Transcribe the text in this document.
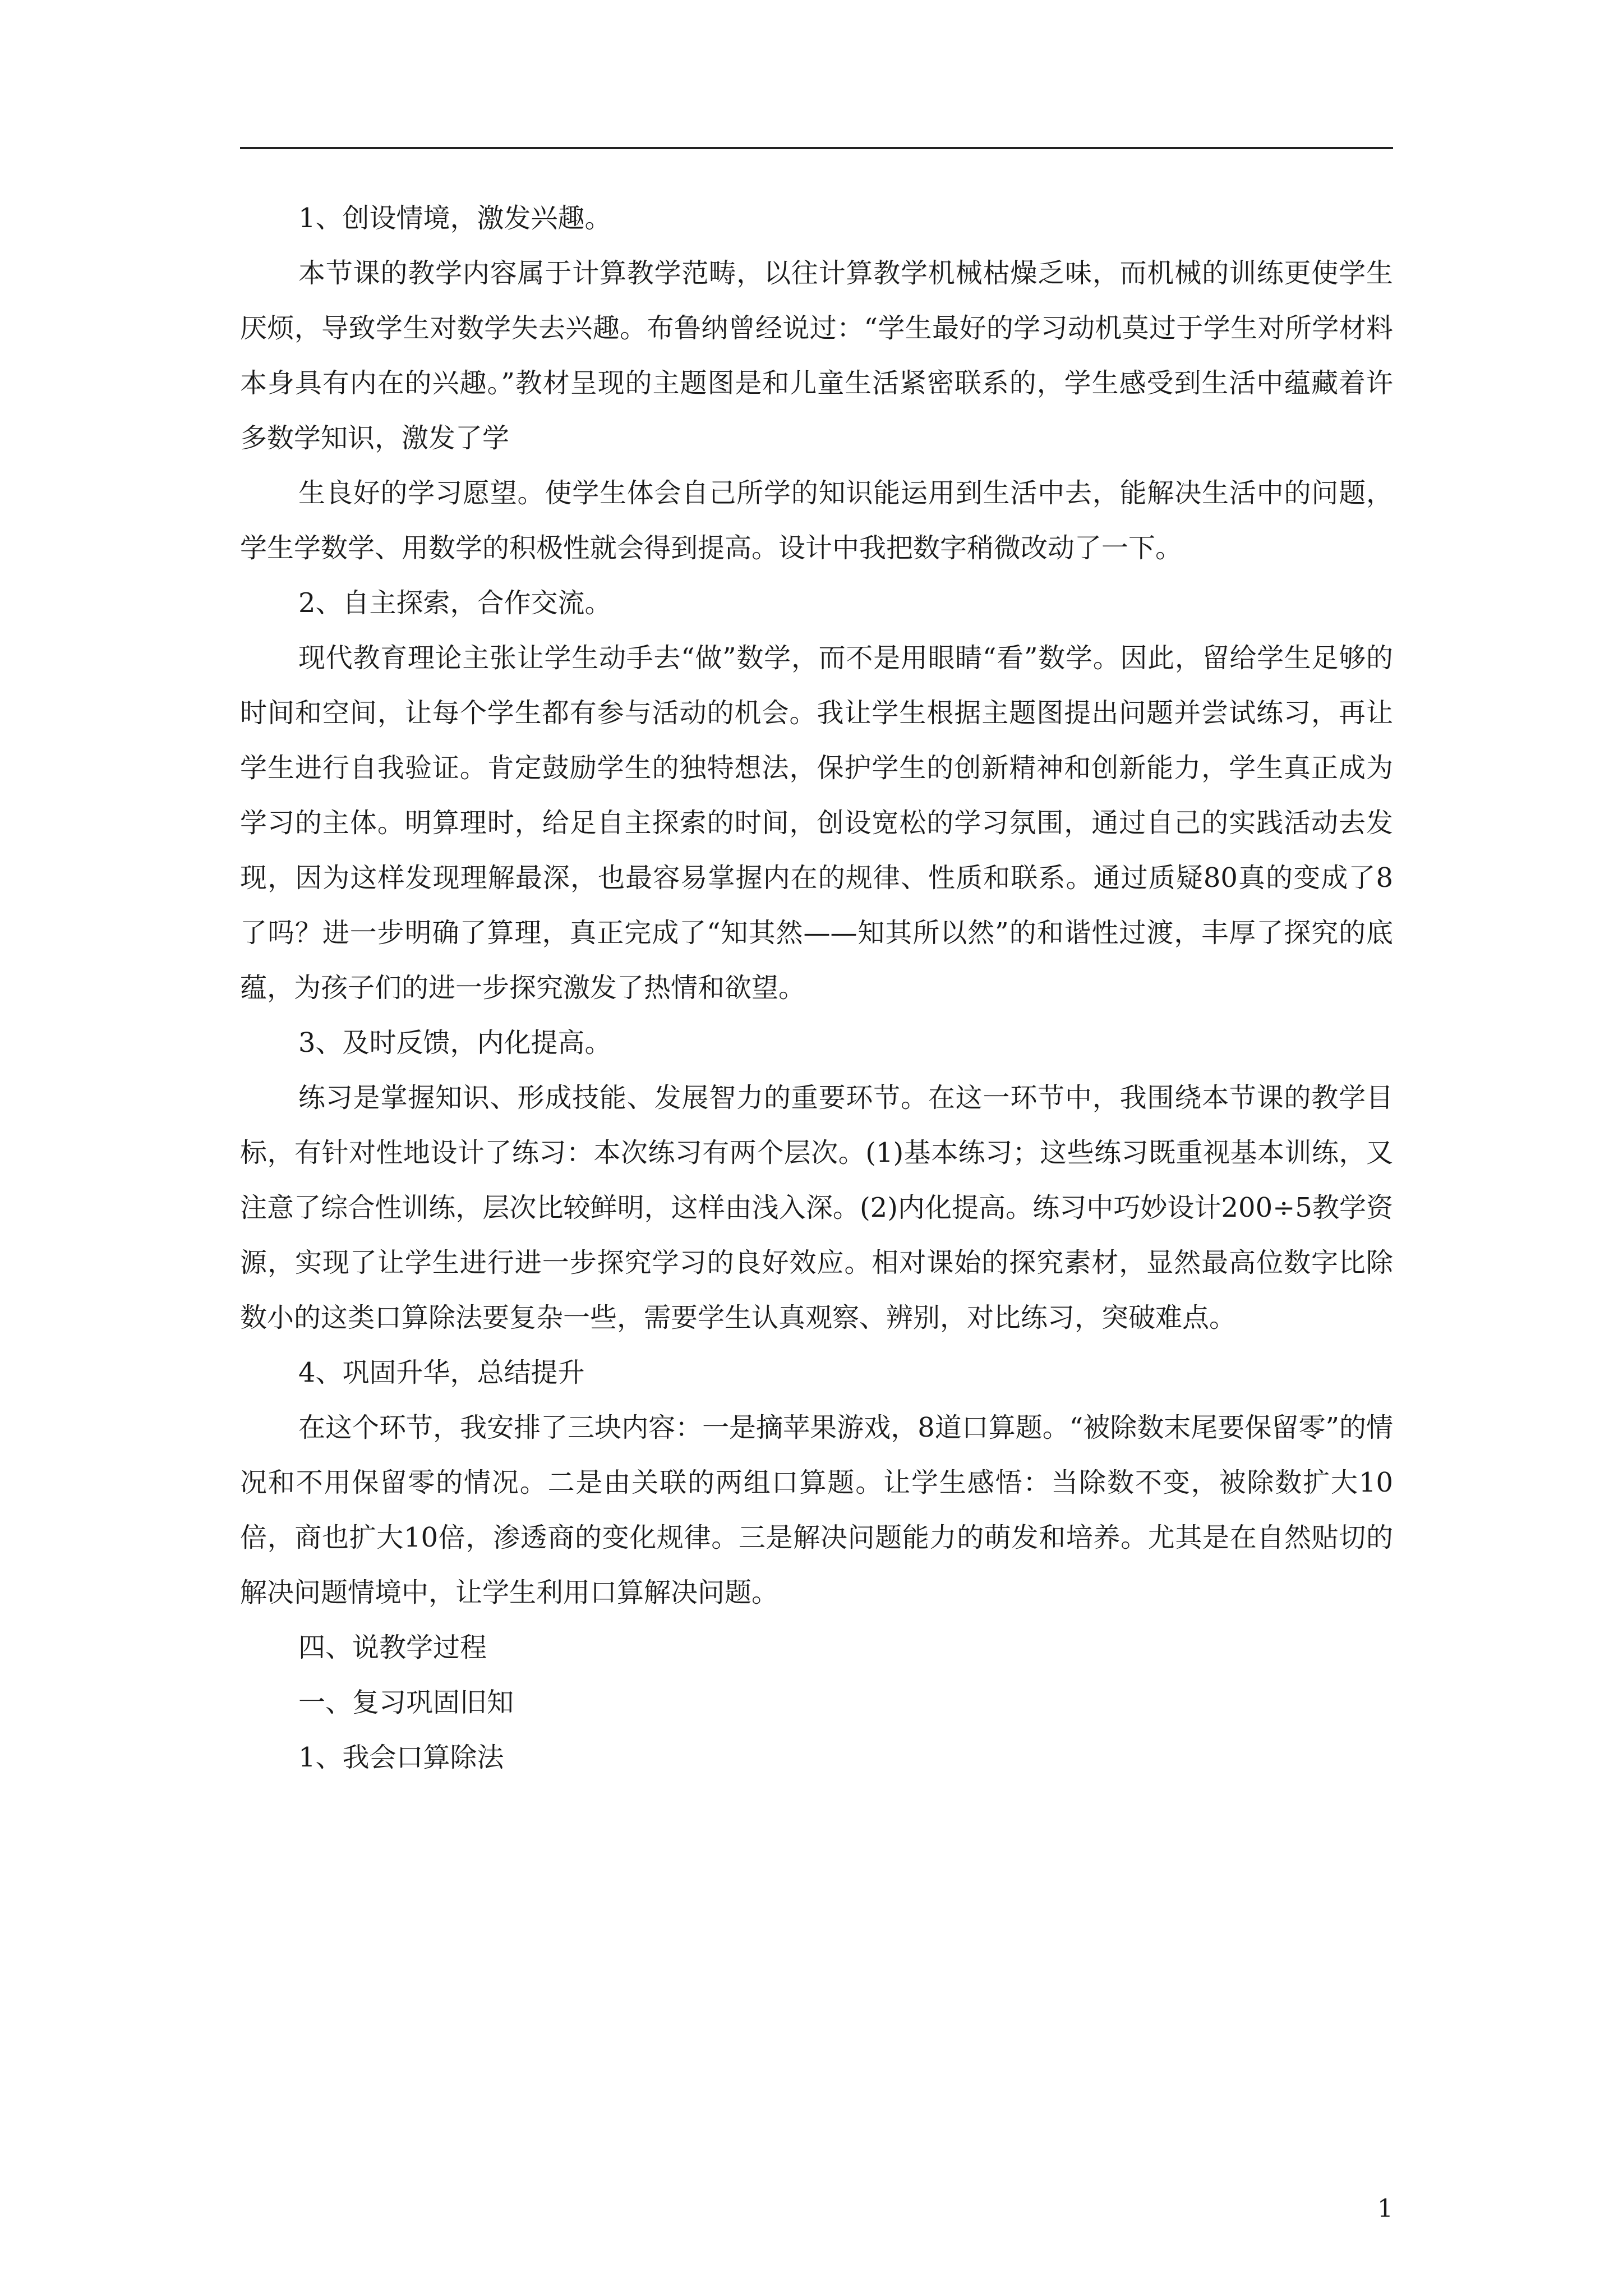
1、创设情境，激发兴趣。

本节课的教学内容属于计算教学范畴，以往计算教学机械枯燥乏味，而机械的训练更使学生厌烦，导致学生对数学失去兴趣。布鲁纳曾经说过：“学生最好的学习动机莫过于学生对所学材料本身具有内在的兴趣。”教材呈现的主题图是和儿童生活紧密联系的，学生感受到生活中蕴藏着许多数学知识，激发了学

生良好的学习愿望。使学生体会自己所学的知识能运用到生活中去，能解决生活中的问题，学生学数学、用数学的积极性就会得到提高。设计中我把数字稍微改动了一下。

2、自主探索，合作交流。

现代教育理论主张让学生动手去“做”数学，而不是用眼睛“看”数学。因此，留给学生足够的时间和空间，让每个学生都有参与活动的机会。我让学生根据主题图提出问题并尝试练习，再让学生进行自我验证。肯定鼓励学生的独特想法，保护学生的创新精神和创新能力，学生真正成为学习的主体。明算理时，给足自主探索的时间，创设宽松的学习氛围，通过自己的实践活动去发现，因为这样发现理解最深，也最容易掌握内在的规律、性质和联系。通过质疑80真的变成了8了吗？进一步明确了算理，真正完成了“知其然——知其所以然”的和谐性过渡，丰厚了探究的底蕴，为孩子们的进一步探究激发了热情和欲望。

3、及时反馈，内化提高。

练习是掌握知识、形成技能、发展智力的重要环节。在这一环节中，我围绕本节课的教学目标，有针对性地设计了练习：本次练习有两个层次。(1)基本练习；这些练习既重视基本训练，又注意了综合性训练，层次比较鲜明，这样由浅入深。(2)内化提高。练习中巧妙设计200÷5教学资源，实现了让学生进行进一步探究学习的良好效应。相对课始的探究素材，显然最高位数字比除数小的这类口算除法要复杂一些，需要学生认真观察、辨别，对比练习，突破难点。

4、巩固升华，总结提升

在这个环节，我安排了三块内容：一是摘苹果游戏，8道口算题。“被除数末尾要保留零”的情况和不用保留零的情况。二是由关联的两组口算题。让学生感悟：当除数不变，被除数扩大10倍，商也扩大10倍，渗透商的变化规律。三是解决问题能力的萌发和培养。尤其是在自然贴切的解决问题情境中，让学生利用口算解决问题。

四、说教学过程

一、复习巩固旧知

1、我会口算除法

1
